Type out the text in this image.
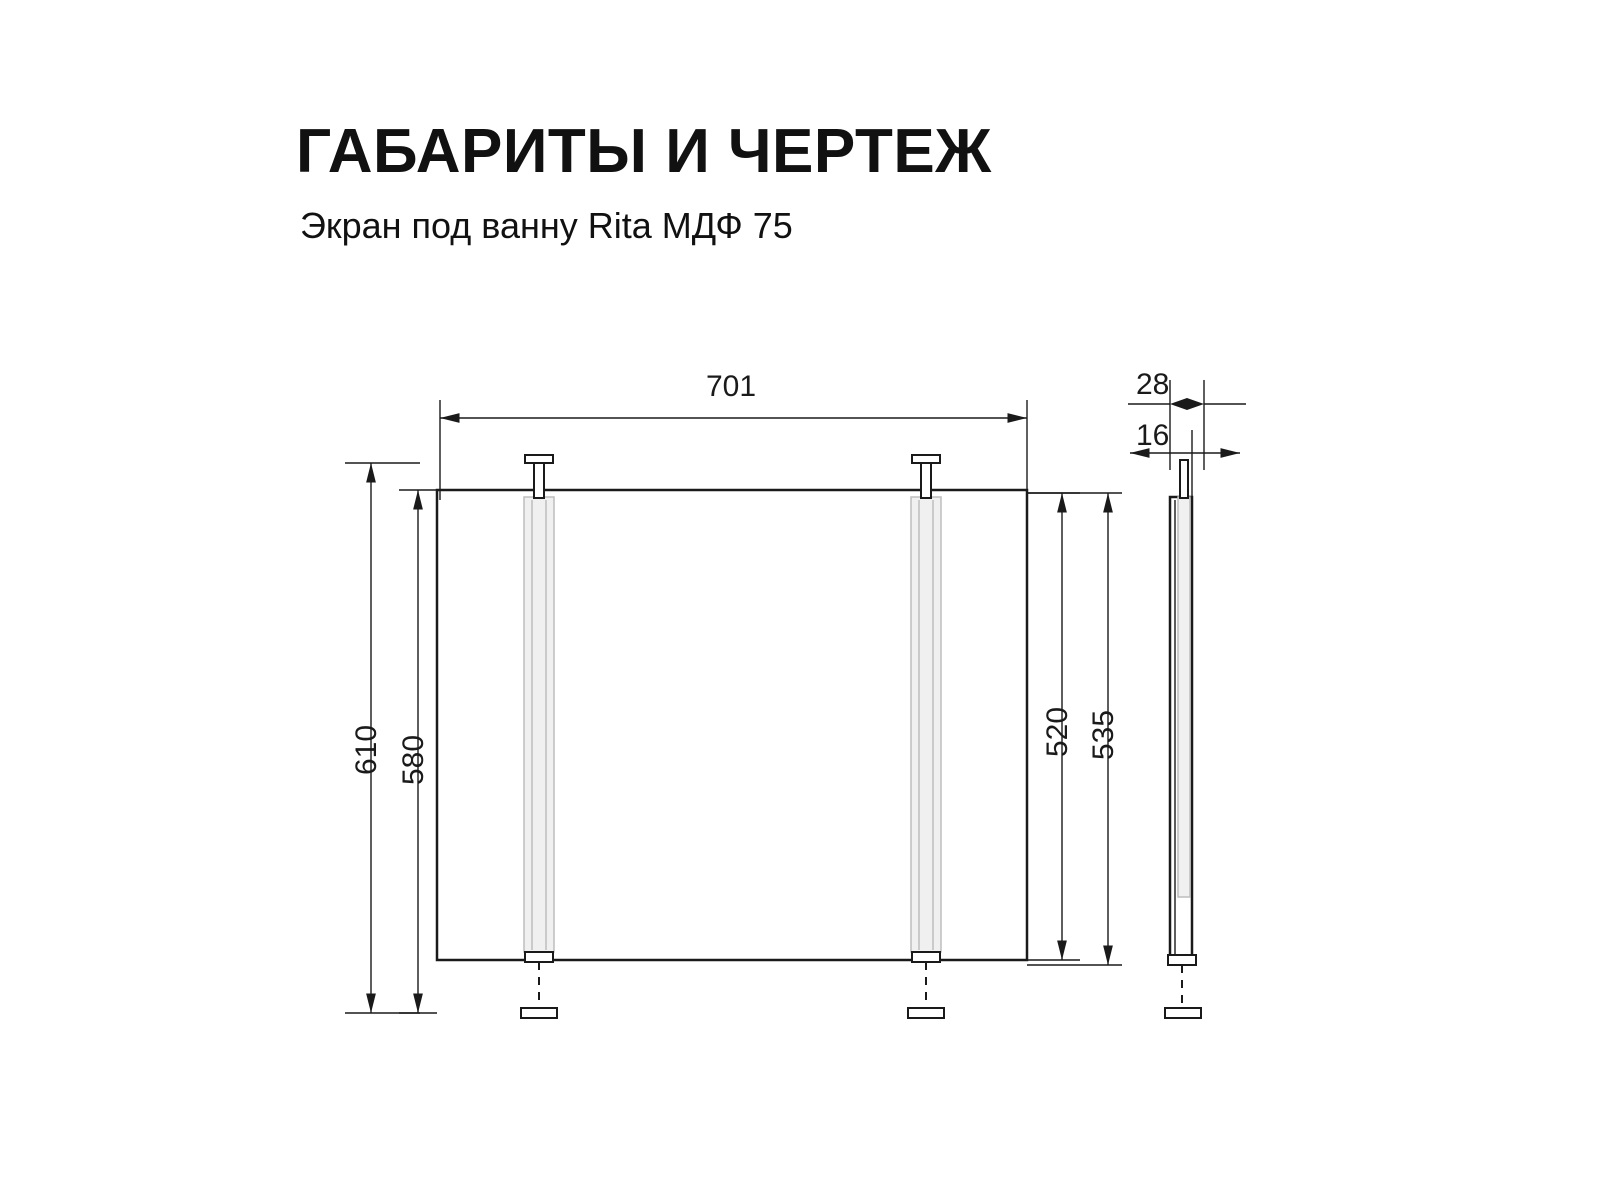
ГАБАРИТЫ И ЧЕРТЕЖ
Экран под ванну Rita МДФ 75
701
610 580
520 535
28
16
